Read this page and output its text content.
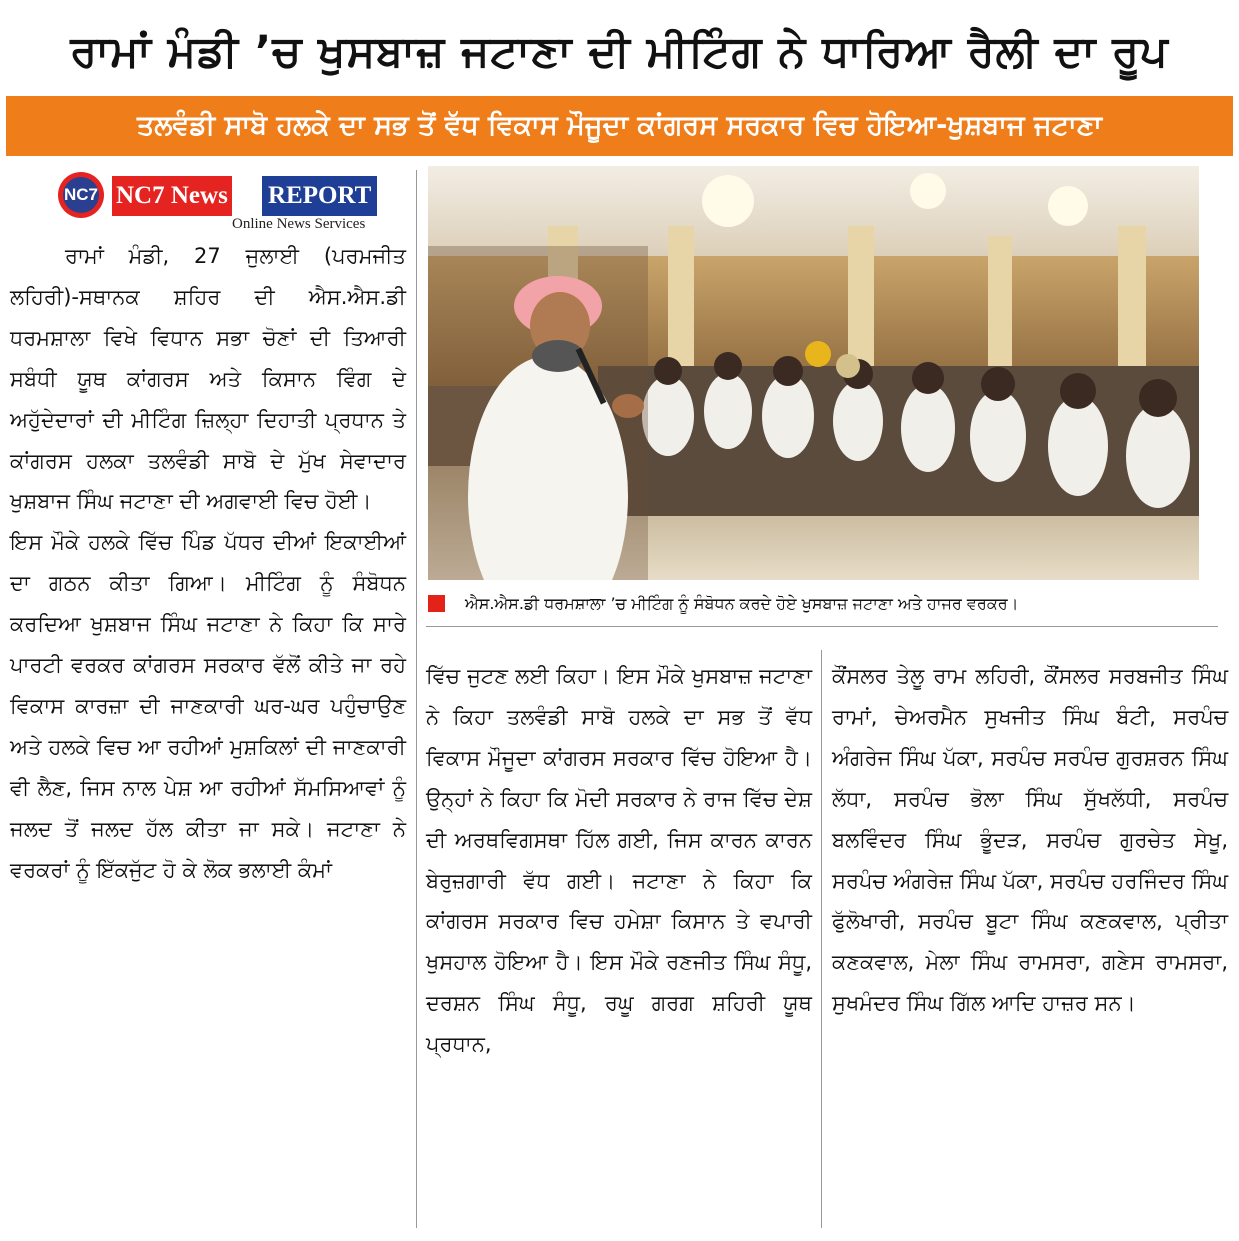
ਰਾਮਾਂ ਮੰਡੀ ’ਚ ਖੁਸਬਾਜ਼ ਜਟਾਣਾ ਦੀ ਮੀਟਿੰਗ ਨੇ ਧਾਰਿਆ ਰੈਲੀ ਦਾ ਰੂਪ
ਤਲਵੰਡੀ ਸਾਬੋ ਹਲਕੇ ਦਾ ਸਭ ਤੋਂ ਵੱਧ ਵਿਕਾਸ ਮੌਜੂਦਾ ਕਾਂਗਰਸ ਸਰਕਾਰ ਵਿਚ ਹੋਇਆ-ਖੁਸ਼ਬਾਜ ਜਟਾਣਾ
NC7 NC7 News REPORT
Online News Services
ਐਸ.ਐਸ.ਡੀ ਧਰਮਸ਼ਾਲਾ ’ਚ ਮੀਟਿੰਗ ਨੂੰ ਸੰਬੋਧਨ ਕਰਦੇ ਹੋਏ ਖੁਸਬਾਜ਼ ਜਟਾਣਾ ਅਤੇ ਹਾਜਰ ਵਰਕਰ।

ਰਾਮਾਂ ਮੰਡੀ, 27 ਜੁਲਾਈ (ਪਰਮਜੀਤ ਲਹਿਰੀ)-ਸਥਾਨਕ ਸ਼ਹਿਰ ਦੀ ਐਸ.ਐਸ.ਡੀ ਧਰਮਸ਼ਾਲਾ ਵਿਖੇ ਵਿਧਾਨ ਸਭਾ ਚੋਣਾਂ ਦੀ ਤਿਆਰੀ ਸਬੰਧੀ ਯੂਥ ਕਾਂਗਰਸ ਅਤੇ ਕਿਸਾਨ ਵਿੰਗ ਦੇ ਅਹੁੱਦੇਦਾਰਾਂ ਦੀ ਮੀਟਿੰਗ ਜ਼ਿਲ੍ਹਾ ਦਿਹਾਤੀ ਪ੍ਰਧਾਨ ਤੇ ਕਾਂਗਰਸ ਹਲਕਾ ਤਲਵੰਡੀ ਸਾਬੋ ਦੇ ਮੁੱਖ ਸੇਵਾਦਾਰ ਖੁਸ਼ਬਾਜ ਸਿੰਘ ਜਟਾਣਾ ਦੀ ਅਗਵਾਈ ਵਿਚ ਹੋਈ।

ਇਸ ਮੌਕੇ ਹਲਕੇ ਵਿੱਚ ਪਿੰਡ ਪੱਧਰ ਦੀਆਂ ਇਕਾਈਆਂ ਦਾ ਗਠਨ ਕੀਤਾ ਗਿਆ। ਮੀਟਿੰਗ ਨੂੰ ਸੰਬੋਧਨ ਕਰਦਿਆ ਖੁਸ਼ਬਾਜ ਸਿੰਘ ਜਟਾਣਾ ਨੇ ਕਿਹਾ ਕਿ ਸਾਰੇ ਪਾਰਟੀ ਵਰਕਰ ਕਾਂਗਰਸ ਸਰਕਾਰ ਵੱਲੋਂ ਕੀਤੇ ਜਾ ਰਹੇ ਵਿਕਾਸ ਕਾਰਜ਼ਾ ਦੀ ਜਾਣਕਾਰੀ ਘਰ-ਘਰ ਪਹੁੰਚਾਉਣ ਅਤੇ ਹਲਕੇ ਵਿਚ ਆ ਰਹੀਆਂ ਮੁਸ਼ਕਿਲਾਂ ਦੀ ਜਾਣਕਾਰੀ ਵੀ ਲੈਣ, ਜਿਸ ਨਾਲ ਪੇਸ਼ ਆ ਰਹੀਆਂ ਸੱਮਸਿਆਵਾਂ ਨੂੰ ਜਲਦ ਤੋਂ ਜਲਦ ਹੱਲ ਕੀਤਾ ਜਾ ਸਕੇ। ਜਟਾਣਾ ਨੇ ਵਰਕਰਾਂ ਨੂੰ ਇੱਕਜੁੱਟ ਹੋ ਕੇ ਲੋਕ ਭਲਾਈ ਕੰਮਾਂ

ਵਿੱਚ ਜੁਟਣ ਲਈ ਕਿਹਾ। ਇਸ ਮੌਕੇ ਖੁਸਬਾਜ਼ ਜਟਾਣਾ ਨੇ ਕਿਹਾ ਤਲਵੰਡੀ ਸਾਬੋ ਹਲਕੇ ਦਾ ਸਭ ਤੋਂ ਵੱਧ ਵਿਕਾਸ ਮੌਜੂਦਾ ਕਾਂਗਰਸ ਸਰਕਾਰ ਵਿੱਚ ਹੋਇਆ ਹੈ। ਉਨ੍ਹਾਂ ਨੇ ਕਿਹਾ ਕਿ ਮੋਦੀ ਸਰਕਾਰ ਨੇ ਰਾਜ ਵਿੱਚ ਦੇਸ਼ ਦੀ ਅਰਥਵਿਗਸਥਾ ਹਿੱਲ ਗਈ, ਜਿਸ ਕਾਰਨ ਕਾਰਨ ਬੇਰੁਜ਼ਗਾਰੀ ਵੱਧ ਗਈ। ਜਟਾਣਾ ਨੇ ਕਿਹਾ ਕਿ ਕਾਂਗਰਸ ਸਰਕਾਰ ਵਿਚ ਹਮੇਸ਼ਾ ਕਿਸਾਨ ਤੇ ਵਪਾਰੀ ਖੁਸਹਾਲ ਹੋਇਆ ਹੈ। ਇਸ ਮੌਕੇ ਰਣਜੀਤ ਸਿੰਘ ਸੰਧੂ, ਦਰਸ਼ਨ ਸਿੰਘ ਸੰਧੂ, ਰਘੂ ਗਰਗ ਸ਼ਹਿਰੀ ਯੂਥ ਪ੍ਰਧਾਨ,

ਕੌਂਸਲਰ ਤੇਲੂ ਰਾਮ ਲਹਿਰੀ, ਕੌਂਸਲਰ ਸਰਬਜੀਤ ਸਿੰਘ ਰਾਮਾਂ, ਚੇਅਰਮੈਨ ਸੁਖਜੀਤ ਸਿੰਘ ਬੰਟੀ, ਸਰਪੰਚ ਅੰਗਰੇਜ ਸਿੰਘ ਪੱਕਾ, ਸਰਪੰਚ ਸਰਪੰਚ ਗੁਰਸ਼ਰਨ ਸਿੰਘ ਲੱਧਾ, ਸਰਪੰਚ ਭੋਲਾ ਸਿੰਘ ਸੁੱਖਲੱਧੀ, ਸਰਪੰਚ ਬਲਵਿੰਦਰ ਸਿੰਘ ਭੂੰਦੜ, ਸਰਪੰਚ ਗੁਰਚੇਤ ਸੇਖੂ, ਸਰਪੰਚ ਅੰਗਰੇਜ਼ ਸਿੰਘ ਪੱਕਾ, ਸਰਪੰਚ ਹਰਜਿੰਦਰ ਸਿੰਘ ਫੁੱਲੋਖਾਰੀ, ਸਰਪੰਚ ਬੂਟਾ ਸਿੰਘ ਕਣਕਵਾਲ, ਪ੍ਰੀਤਾ ਕਣਕਵਾਲ, ਮੇਲਾ ਸਿੰਘ ਰਾਮਸਰਾ, ਗਣੇਸ ਰਾਮਸਰਾ, ਸੁਖਮੰਦਰ ਸਿੰਘ ਗਿੱਲ ਆਦਿ ਹਾਜ਼ਰ ਸਨ।
